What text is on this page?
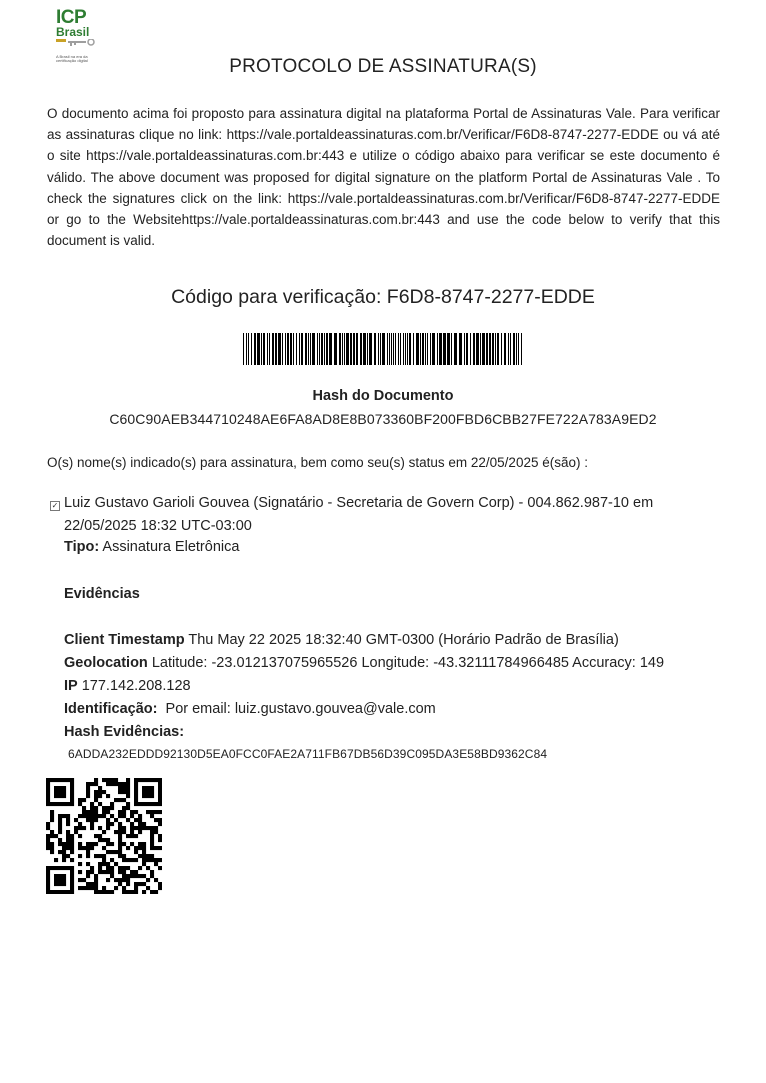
ICP
Brasil
A Brasil na era da certificação digital	PROTOCOLO DE ASSINATURA(S)
O documento acima foi proposto para assinatura digital na plataforma Portal de Assinaturas Vale. Para verificar as assinaturas clique no link: https://vale.portaldeassinaturas.com.br/Verificar/F6D8-8747-2277-EDDE ou vá até o site https://vale.portaldeassinaturas.com.br:443 e utilize o código abaixo para verificar se este documento é válido. The above document was proposed for digital signature on the platform Portal de Assinaturas Vale . To check the signatures click on the link: https://vale.portaldeassinaturas.com.br/Verificar/F6D8-8747-2277-EDDE or go to the Websitehttps://vale.portaldeassinaturas.com.br:443 and use the code below to verify that this document is valid.
Código para verificação: F6D8-8747-2277-EDDE
Hash do Documento
C60C90AEB344710248AE6FA8AD8E8B073360BF200FBD6CBB27FE722A783A9ED2
O(s) nome(s) indicado(s) para assinatura, bem como seu(s) status em 22/05/2025 é(são) :
✓ Luiz Gustavo Garioli Gouvea (Signatário - Secretaria de Govern Corp) - 004.862.987-10 em 22/05/2025 18:32 UTC-03:00
Tipo: Assinatura Eletrônica
Evidências
Client Timestamp Thu May 22 2025 18:32:40 GMT-0300 (Horário Padrão de Brasília)
Geolocation Latitude: -23.012137075965526 Longitude: -43.32111784966485 Accuracy: 149
IP 177.142.208.128
Identificação:  Por email: luiz.gustavo.gouvea@vale.com
Hash Evidências:
6ADDA232EDDD92130D5EA0FCC0FAE2A711FB67DB56D39C095DA3E58BD9362C84
